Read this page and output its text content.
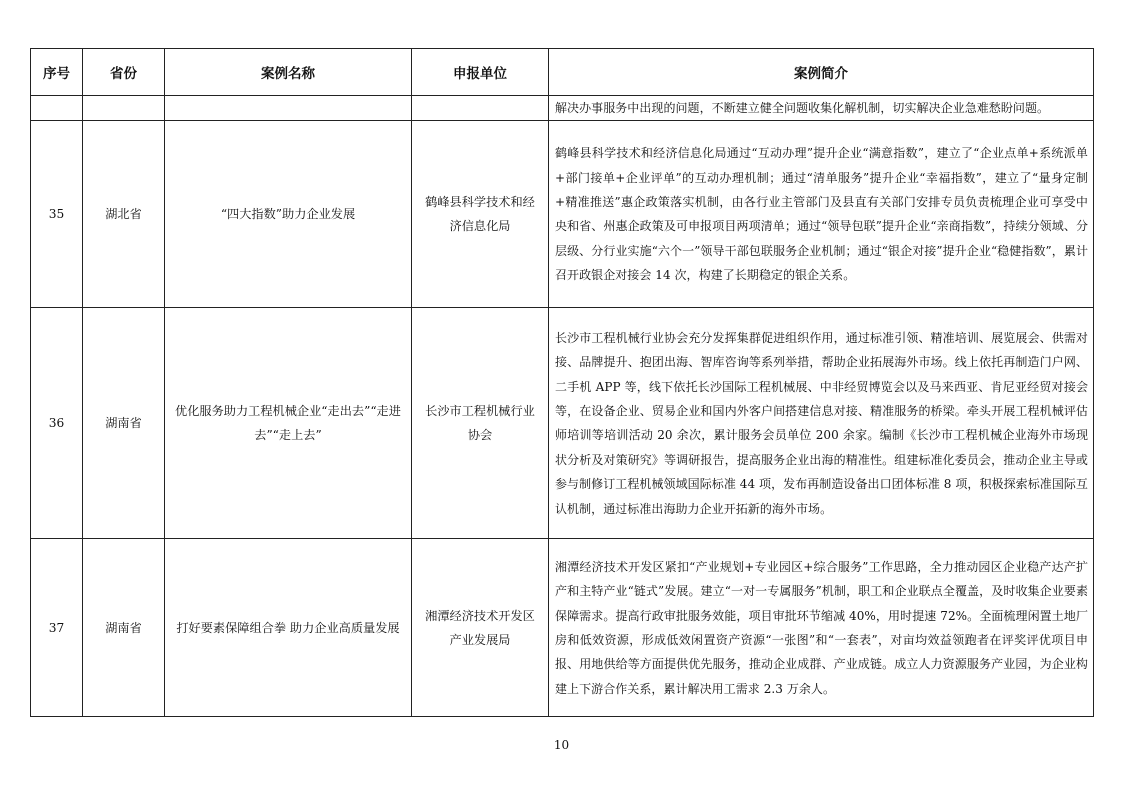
序号	省份	案例名称	申报单位	案例简介
				解决办事服务中出现的问题，不断建立健全问题收集化解机制，切实解决企业急难愁盼问题。
35	湖北省	“四大指数”助力企业发展	鹤峰县科学技术和经济信息化局	鹤峰县科学技术和经济信息化局通过“互动办理”提升企业“满意指数”，建立了“企业点单+系统派单+部门接单+企业评单”的互动办理机制；通过“清单服务”提升企业“幸福指数”，建立了“量身定制+精准推送”惠企政策落实机制，由各行业主管部门及县直有关部门安排专员负责梳理企业可享受中央和省、州惠企政策及可申报项目两项清单；通过“领导包联”提升企业“亲商指数”，持续分领域、分层级、分行业实施“六个一”领导干部包联服务企业机制；通过“银企对接”提升企业“稳健指数”，累计召开政银企对接会 14 次，构建了长期稳定的银企关系。
36	湖南省	优化服务助力工程机械企业“走出去”“走进去”“走上去”	长沙市工程机械行业协会	长沙市工程机械行业协会充分发挥集群促进组织作用，通过标准引领、精准培训、展览展会、供需对接、品牌提升、抱团出海、智库咨询等系列举措，帮助企业拓展海外市场。线上依托再制造门户网、二手机 APP 等，线下依托长沙国际工程机械展、中非经贸博览会以及马来西亚、肯尼亚经贸对接会等，在设备企业、贸易企业和国内外客户间搭建信息对接、精准服务的桥梁。牵头开展工程机械评估师培训等培训活动 20 余次，累计服务会员单位 200 余家。编制《长沙市工程机械企业海外市场现状分析及对策研究》等调研报告，提高服务企业出海的精准性。组建标准化委员会，推动企业主导或参与制修订工程机械领域国际标准 44 项，发布再制造设备出口团体标准 8 项，积极探索标准国际互认机制，通过标准出海助力企业开拓新的海外市场。
37	湖南省	打好要素保障组合拳 助力企业高质量发展	湘潭经济技术开发区产业发展局	湘潭经济技术开发区紧扣“产业规划+专业园区+综合服务”工作思路，全力推动园区企业稳产达产扩产和主特产业“链式”发展。建立“一对一专属服务”机制，职工和企业联点全覆盖，及时收集企业要素保障需求。提高行政审批服务效能，项目审批环节缩减 40%，用时提速 72%。全面梳理闲置土地厂房和低效资源，形成低效闲置资产资源“一张图”和“一套表”，对亩均效益领跑者在评奖评优项目申报、用地供给等方面提供优先服务，推动企业成群、产业成链。成立人力资源服务产业园，为企业构建上下游合作关系，累计解决用工需求 2.3 万余人。
10
